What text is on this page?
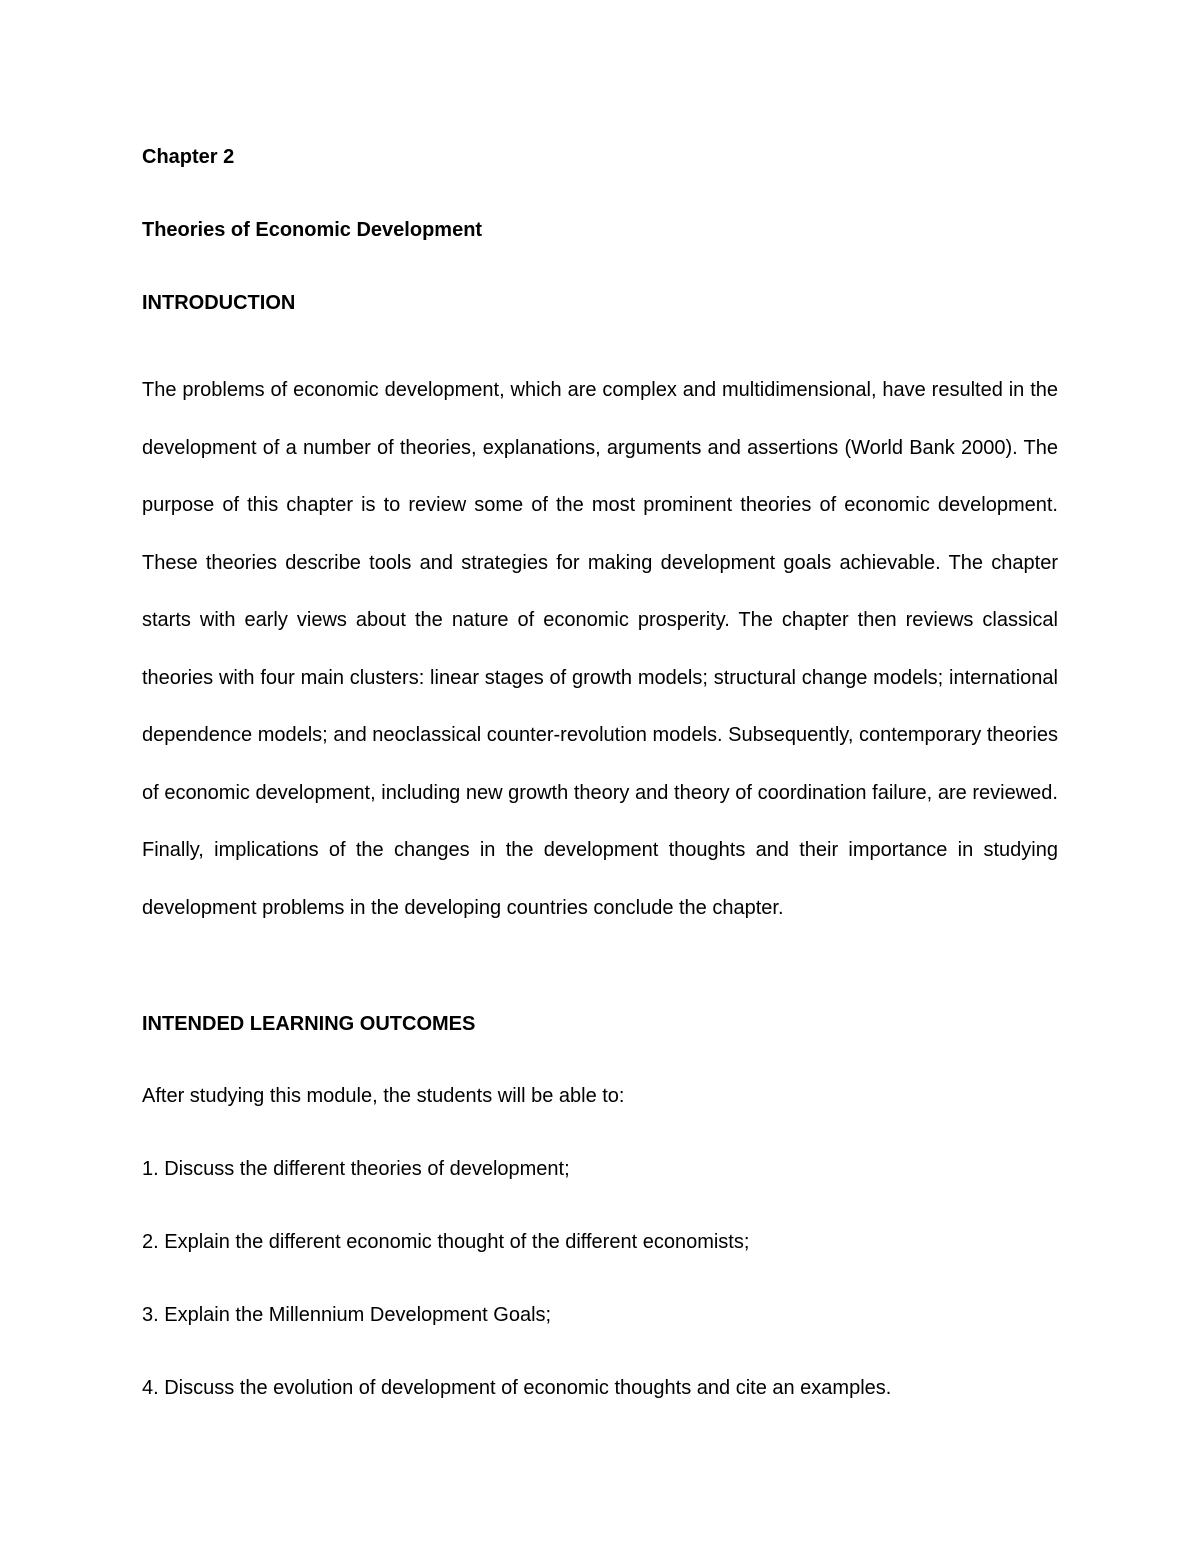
Chapter 2

Theories of Economic Development

INTRODUCTION

The problems of economic development, which are complex and multidimensional, have resulted in the development of a number of theories, explanations, arguments and assertions (World Bank 2000). The purpose of this chapter is to review some of the most prominent theories of economic development. These theories describe tools and strategies for making development goals achievable. The chapter starts with early views about the nature of economic prosperity. The chapter then reviews classical theories with four main clusters: linear stages of growth models; structural change models; international dependence models; and neoclassical counter-revolution models. Subsequently, contemporary theories of economic development, including new growth theory and theory of coordination failure, are reviewed. Finally, implications of the changes in the development thoughts and their importance in studying development problems in the developing countries conclude the chapter.

INTENDED LEARNING OUTCOMES

After studying this module, the students will be able to:

1. Discuss the different theories of development;

2. Explain the different economic thought of the different economists;

3. Explain the Millennium Development Goals;

4. Discuss the evolution of development of economic thoughts and cite an examples.
